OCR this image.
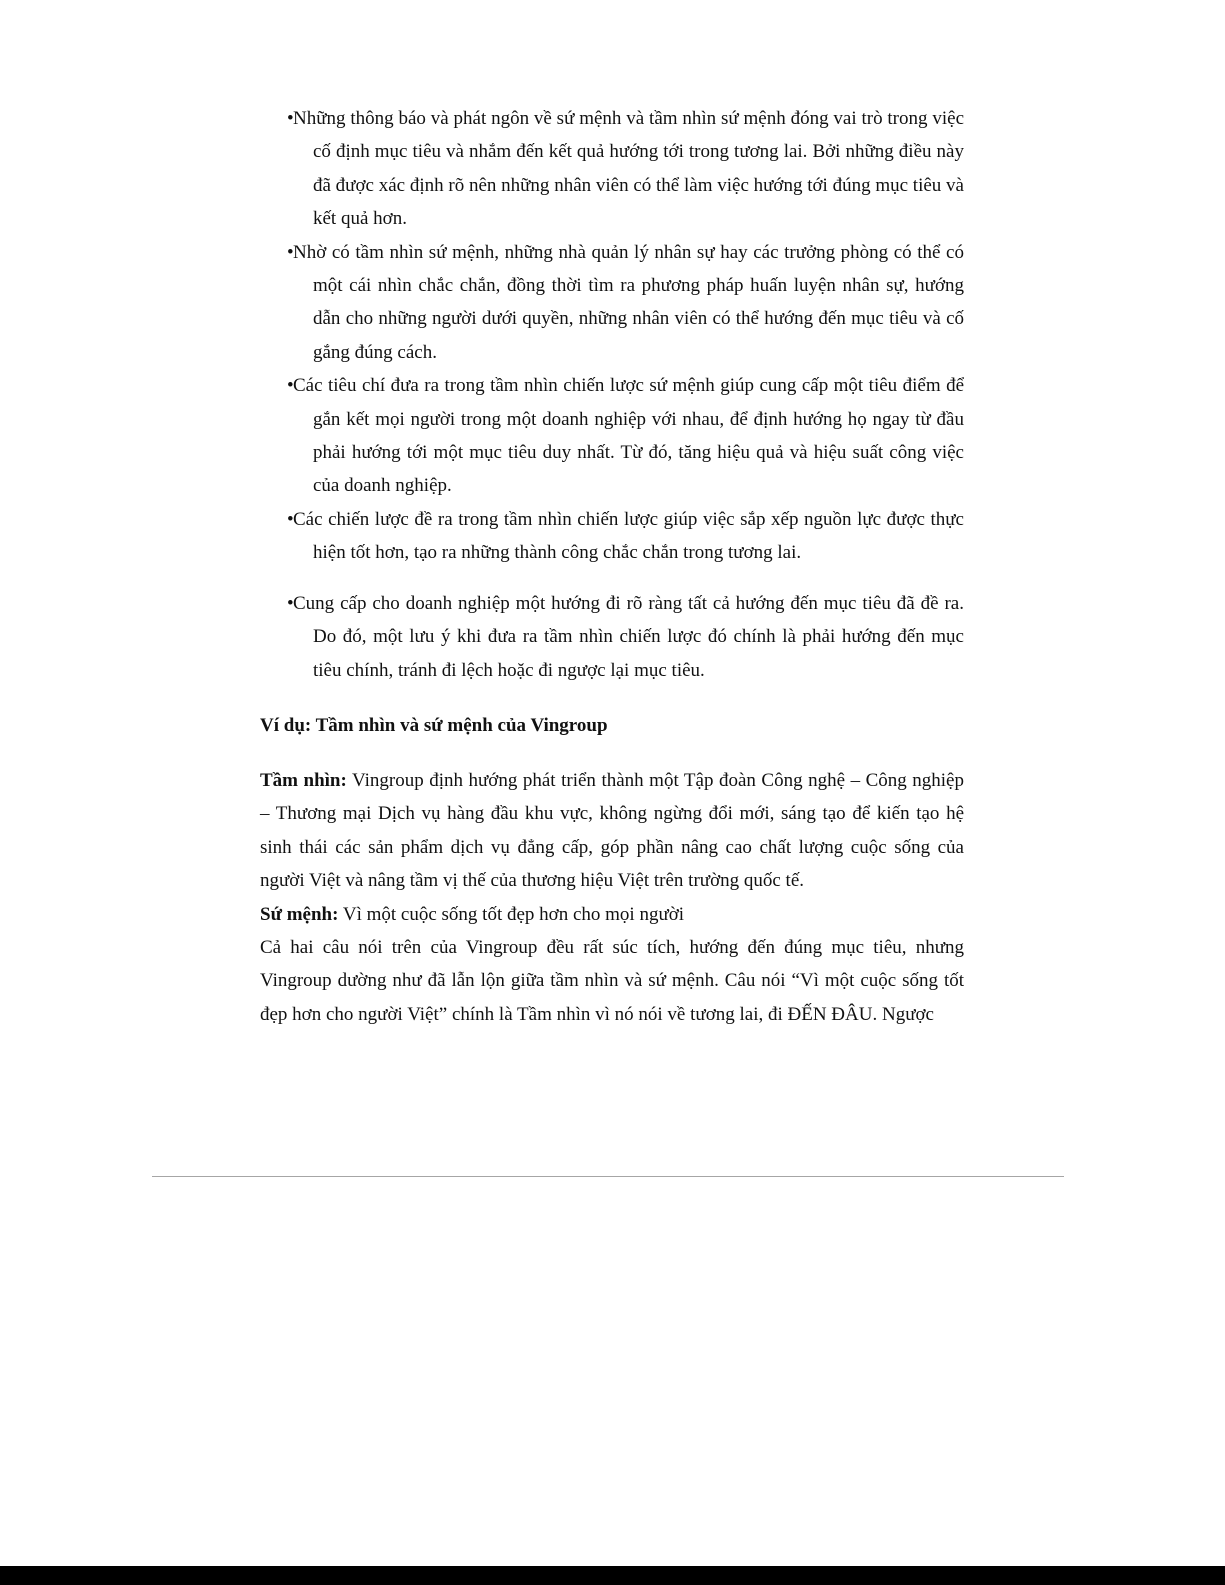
•Những thông báo và phát ngôn về sứ mệnh và tầm nhìn sứ mệnh đóng vai trò trong việc cố định mục tiêu và nhắm đến kết quả hướng tới trong tương lai. Bởi những điều này đã được xác định rõ nên những nhân viên có thể làm việc hướng tới đúng mục tiêu và kết quả hơn.
•Nhờ có tầm nhìn sứ mệnh, những nhà quản lý nhân sự hay các trưởng phòng có thể có một cái nhìn chắc chắn, đồng thời tìm ra phương pháp huấn luyện nhân sự, hướng dẫn cho những người dưới quyền, những nhân viên có thể hướng đến mục tiêu và cố gắng đúng cách.
•Các tiêu chí đưa ra trong tầm nhìn chiến lược sứ mệnh giúp cung cấp một tiêu điểm để gắn kết mọi người trong một doanh nghiệp với nhau, để định hướng họ ngay từ đầu phải hướng tới một mục tiêu duy nhất. Từ đó, tăng hiệu quả và hiệu suất công việc của doanh nghiệp.
•Các chiến lược đề ra trong tầm nhìn chiến lược giúp việc sắp xếp nguồn lực được thực hiện tốt hơn, tạo ra những thành công chắc chắn trong tương lai.
•Cung cấp cho doanh nghiệp một hướng đi rõ ràng tất cả hướng đến mục tiêu đã đề ra. Do đó, một lưu ý khi đưa ra tầm nhìn chiến lược đó chính là phải hướng đến mục tiêu chính, tránh đi lệch hoặc đi ngược lại mục tiêu.

Ví dụ: Tầm nhìn và sứ mệnh của Vingroup

Tầm nhìn: Vingroup định hướng phát triển thành một Tập đoàn Công nghệ – Công nghiệp – Thương mại Dịch vụ hàng đầu khu vực, không ngừng đổi mới, sáng tạo để kiến tạo hệ sinh thái các sản phẩm dịch vụ đẳng cấp, góp phần nâng cao chất lượng cuộc sống của người Việt và nâng tầm vị thế của thương hiệu Việt trên trường quốc tế.

Sứ mệnh: Vì một cuộc sống tốt đẹp hơn cho mọi người

Cả hai câu nói trên của Vingroup đều rất súc tích, hướng đến đúng mục tiêu, nhưng Vingroup dường như đã lẫn lộn giữa tầm nhìn và sứ mệnh. Câu nói “Vì một cuộc sống tốt đẹp hơn cho người Việt” chính là Tầm nhìn vì nó nói về tương lai, đi ĐẾN ĐÂU. Ngược
